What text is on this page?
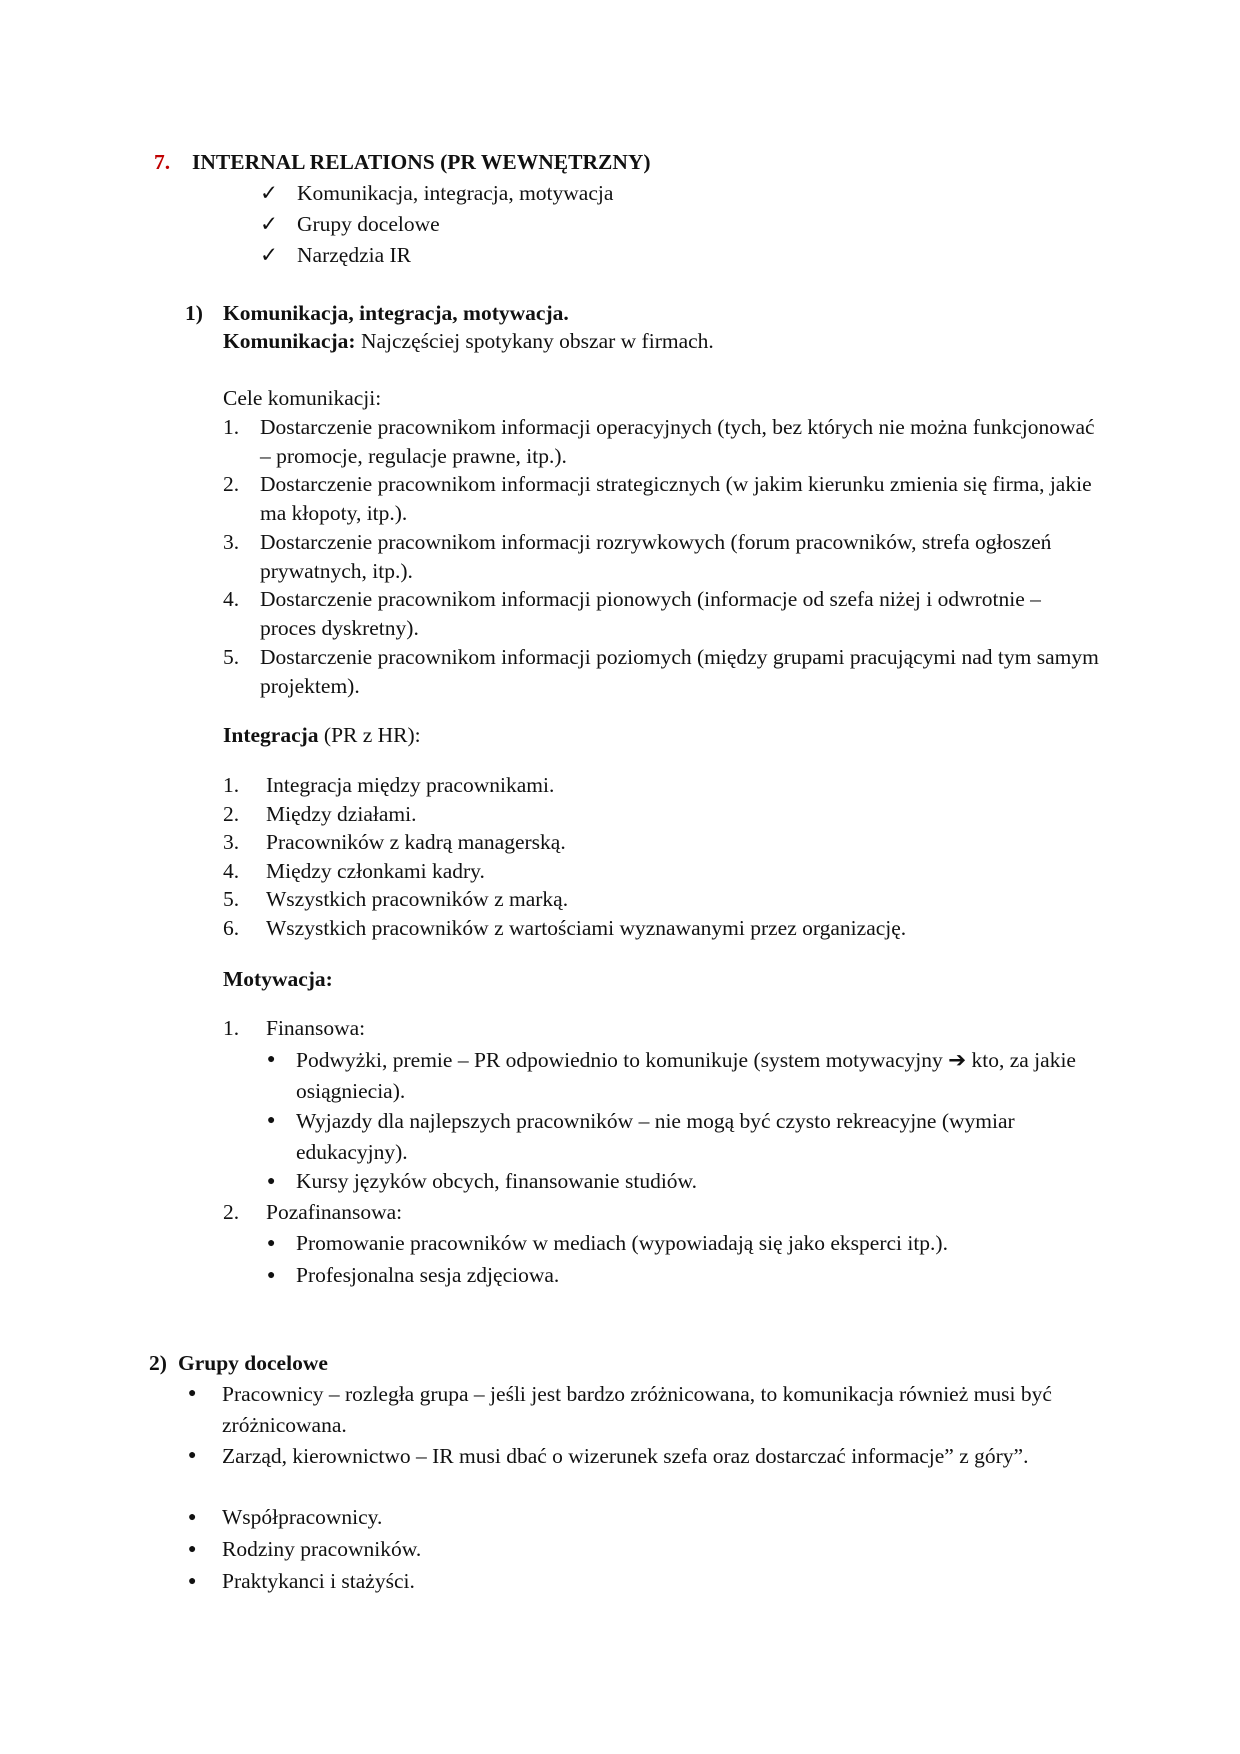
7. INTERNAL RELATIONS (PR WEWNĘTRZNY)
✓ Komunikacja, integracja, motywacja
✓ Grupy docelowe
✓ Narzędzia IR
1) Komunikacja, integracja, motywacja.
Komunikacja: Najczęściej spotykany obszar w firmach.
Cele komunikacji:
1. Dostarczenie pracownikom informacji operacyjnych (tych, bez których nie można funkcjonować – promocje, regulacje prawne, itp.).
2. Dostarczenie pracownikom informacji strategicznych (w jakim kierunku zmienia się firma, jakie ma kłopoty, itp.).
3. Dostarczenie pracownikom informacji rozrywkowych (forum pracowników, strefa ogłoszeń prywatnych, itp.).
4. Dostarczenie pracownikom informacji pionowych (informacje od szefa niżej i odwrotnie – proces dyskretny).
5. Dostarczenie pracownikom informacji poziomych (między grupami pracującymi nad tym samym projektem).
Integracja (PR z HR):
1. Integracja między pracownikami.
2. Między działami.
3. Pracowników z kadrą managerską.
4. Między członkami kadry.
5. Wszystkich pracowników z marką.
6. Wszystkich pracowników z wartościami wyznawanymi przez organizację.
Motywacja:
1. Finansowa:
● Podwyżki, premie – PR odpowiednio to komunikuje (system motywacyjny ➔ kto, za jakie osiągniecia).
● Wyjazdy dla najlepszych pracowników – nie mogą być czysto rekreacyjne (wymiar edukacyjny).
● Kursy języków obcych, finansowanie studiów.
2. Pozafinansowa:
● Promowanie pracowników w mediach (wypowiadają się jako eksperci itp.).
● Profesjonalna sesja zdjęciowa.
2) Grupy docelowe
● Pracownicy – rozległa grupa – jeśli jest bardzo zróżnicowana, to komunikacja również musi być zróżnicowana.
● Zarząd, kierownictwo – IR musi dbać o wizerunek szefa oraz dostarczać informacje” z góry”.
● Współpracownicy.
● Rodziny pracowników.
● Praktykanci i stażyści.
